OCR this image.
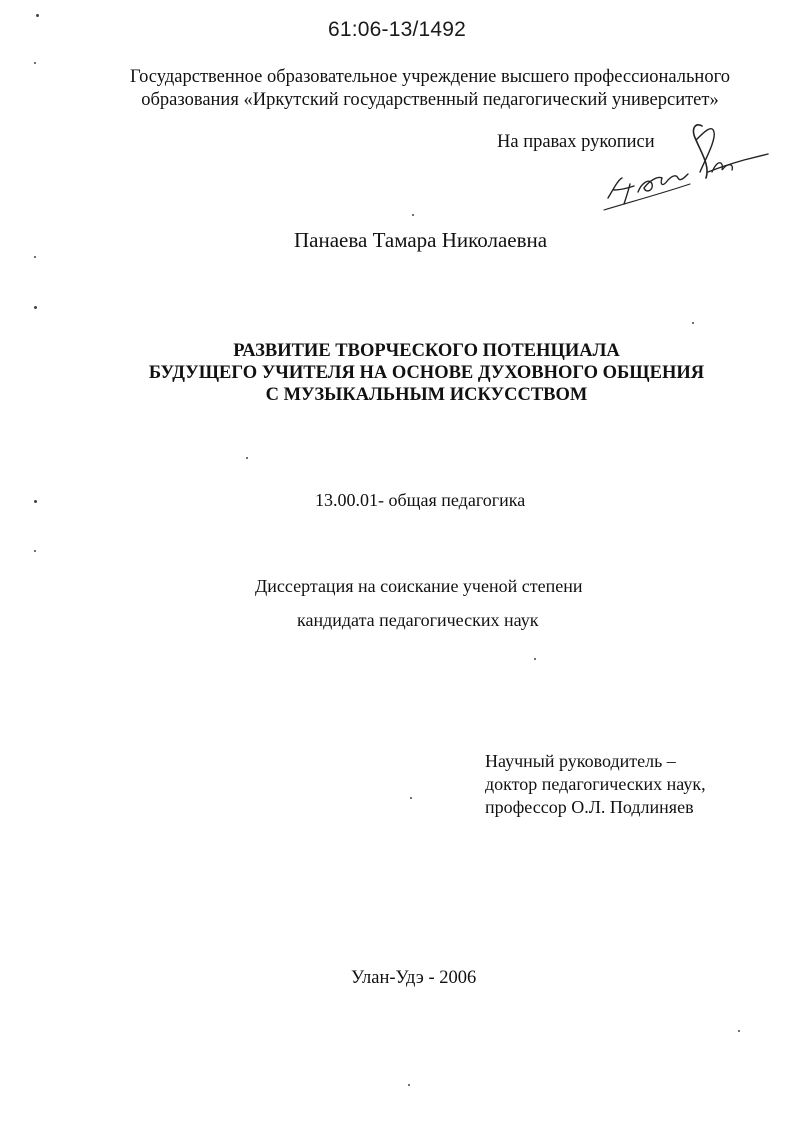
61:06-13/1492
Государственное образовательное учреждение высшего профессионального
образования «Иркутский государственный педагогический университет»
На правах рукописи
Панаева Тамара Николаевна
РАЗВИТИЕ ТВОРЧЕСКОГО ПОТЕНЦИАЛА
БУДУЩЕГО УЧИТЕЛЯ НА ОСНОВЕ ДУХОВНОГО ОБЩЕНИЯ
С МУЗЫКАЛЬНЫМ ИСКУССТВОМ
13.00.01- общая педагогика
Диссертация на соискание ученой степени
кандидата педагогических наук
Научный руководитель –
доктор педагогических наук,
профессор О.Л. Подлиняев
Улан-Удэ - 2006
